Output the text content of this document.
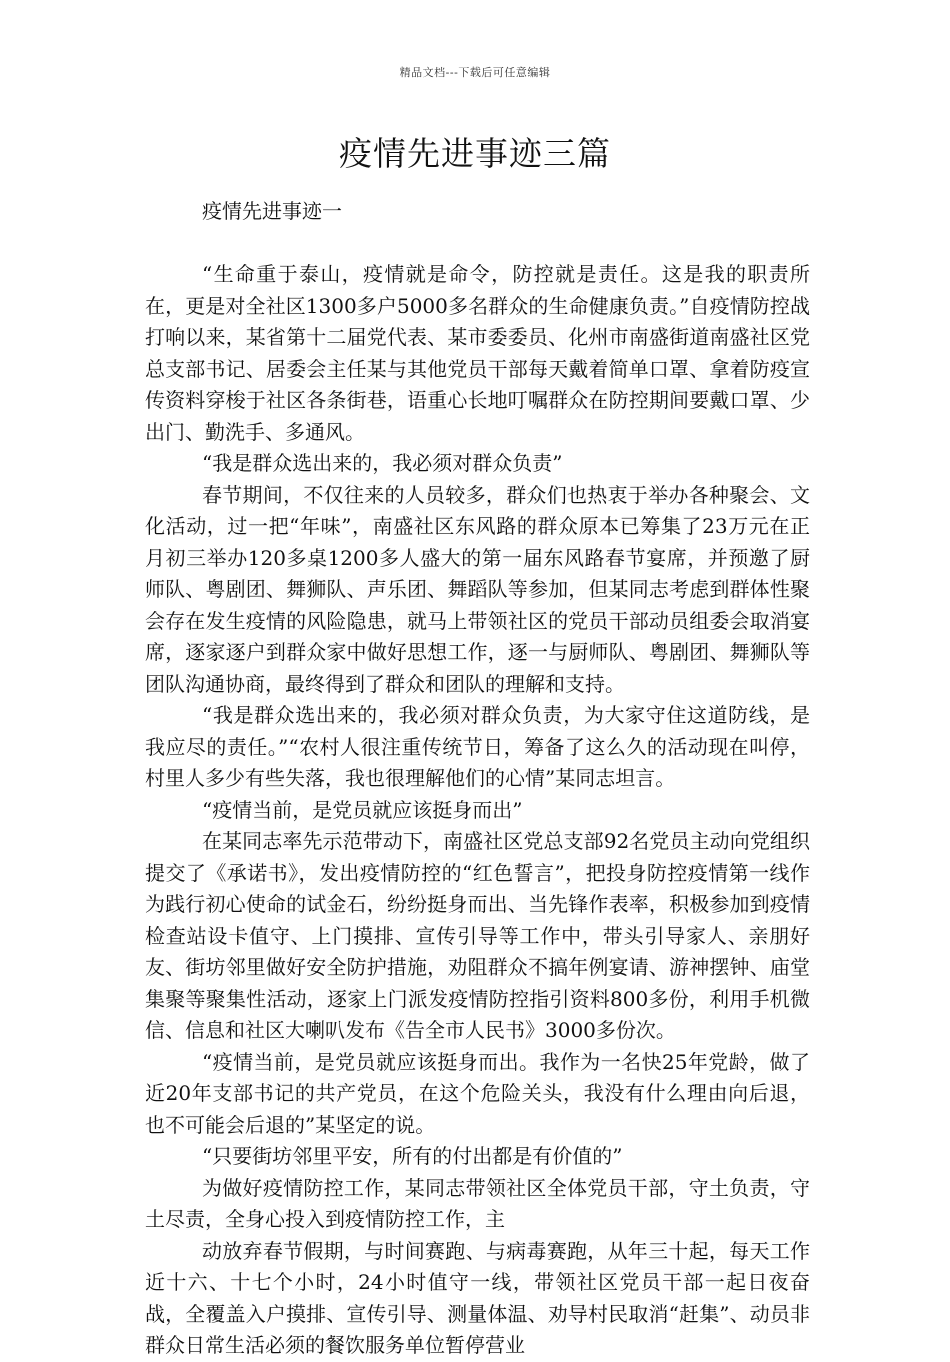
精品文档---下载后可任意编辑
疫情先进事迹三篇

疫情先进事迹一

“生命重于泰山，疫情就是命令，防控就是责任。这是我的职责所在，更是对全社区1300多户5000多名群众的生命健康负责。”自疫情防控战打响以来，某省第十二届党代表、某市委委员、化州市南盛街道南盛社区党总支部书记、居委会主任某与其他党员干部每天戴着简单口罩、拿着防疫宣传资料穿梭于社区各条街巷，语重心长地叮嘱群众在防控期间要戴口罩、少出门、勤洗手、多通风。

“我是群众选出来的，我必须对群众负责”

春节期间，不仅往来的人员较多，群众们也热衷于举办各种聚会、文化活动，过一把“年味”，南盛社区东风路的群众原本已筹集了23万元在正月初三举办120多桌1200多人盛大的第一届东风路春节宴席，并预邀了厨师队、粤剧团、舞狮队、声乐团、舞蹈队等参加，但某同志考虑到群体性聚会存在发生疫情的风险隐患，就马上带领社区的党员干部动员组委会取消宴席，逐家逐户到群众家中做好思想工作，逐一与厨师队、粤剧团、舞狮队等团队沟通协商，最终得到了群众和团队的理解和支持。

“我是群众选出来的，我必须对群众负责，为大家守住这道防线，是我应尽的责任。”“农村人很注重传统节日，筹备了这么久的活动现在叫停，村里人多少有些失落，我也很理解他们的心情”某同志坦言。

“疫情当前，是党员就应该挺身而出”

在某同志率先示范带动下，南盛社区党总支部92名党员主动向党组织提交了《承诺书》，发出疫情防控的“红色誓言”，把投身防控疫情第一线作为践行初心使命的试金石，纷纷挺身而出、当先锋作表率，积极参加到疫情检查站设卡值守、上门摸排、宣传引导等工作中，带头引导家人、亲朋好友、街坊邻里做好安全防护措施，劝阻群众不搞年例宴请、游神摆钟、庙堂集聚等聚集性活动，逐家上门派发疫情防控指引资料800多份，利用手机微信、信息和社区大喇叭发布《告全市人民书》3000多份次。

“疫情当前，是党员就应该挺身而出。我作为一名快25年党龄，做了近20年支部书记的共产党员，在这个危险关头，我没有什么理由向后退，也不可能会后退的”某坚定的说。

“只要街坊邻里平安，所有的付出都是有价值的”

为做好疫情防控工作，某同志带领社区全体党员干部，守土负责，守土尽责，全身心投入到疫情防控工作，主

动放弃春节假期，与时间赛跑、与病毒赛跑，从年三十起，每天工作近十六、十七个小时，24小时值守一线，带领社区党员干部一起日夜奋战，全覆盖入户摸排、宣传引导、测量体温、劝导村民取消“赶集”、动员非群众日常生活必须的餐饮服务单位暂停营业
